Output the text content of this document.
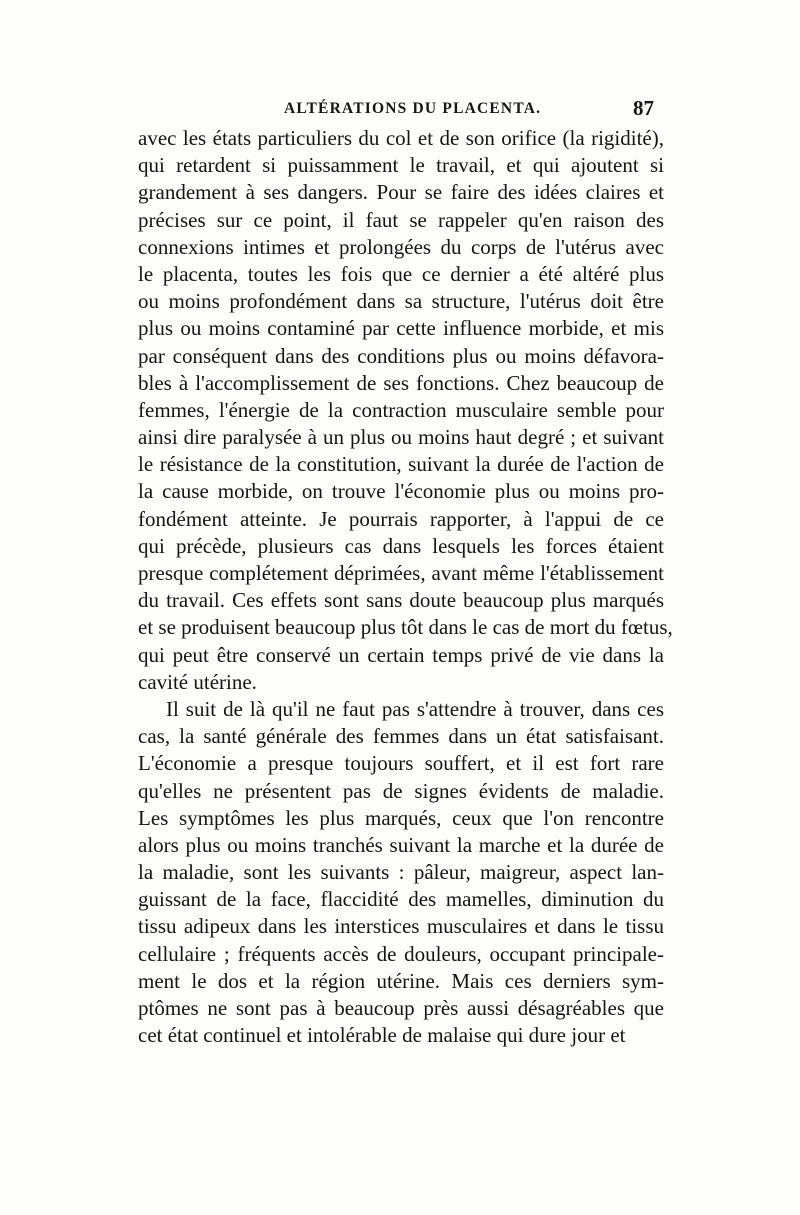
ALTÉRATIONS DU PLACENTA.	87
avec les états particuliers du col et de son orifice (la rigidité),
qui retardent si puissamment le travail, et qui ajoutent si
grandement à ses dangers. Pour se faire des idées claires et
précises sur ce point, il faut se rappeler qu'en raison des
connexions intimes et prolongées du corps de l'utérus avec
le placenta, toutes les fois que ce dernier a été altéré plus
ou moins profondément dans sa structure, l'utérus doit être
plus ou moins contaminé par cette influence morbide, et mis
par conséquent dans des conditions plus ou moins défavora-
bles à l'accomplissement de ses fonctions. Chez beaucoup de
femmes, l'énergie de la contraction musculaire semble pour
ainsi dire paralysée à un plus ou moins haut degré ; et suivant
le résistance de la constitution, suivant la durée de l'action de
la cause morbide, on trouve l'économie plus ou moins pro-
fondément atteinte. Je pourrais rapporter, à l'appui de ce
qui précède, plusieurs cas dans lesquels les forces étaient
presque complétement déprimées, avant même l'établissement
du travail. Ces effets sont sans doute beaucoup plus marqués
et se produisent beaucoup plus tôt dans le cas de mort du fœtus,
qui peut être conservé un certain temps privé de vie dans la
cavité utérine.
Il suit de là qu'il ne faut pas s'attendre à trouver, dans ces
cas, la santé générale des femmes dans un état satisfaisant.
L'économie a presque toujours souffert, et il est fort rare
qu'elles ne présentent pas de signes évidents de maladie.
Les symptômes les plus marqués, ceux que l'on rencontre
alors plus ou moins tranchés suivant la marche et la durée de
la maladie, sont les suivants : pâleur, maigreur, aspect lan-
guissant de la face, flaccidité des mamelles, diminution du
tissu adipeux dans les interstices musculaires et dans le tissu
cellulaire ; fréquents accès de douleurs, occupant principale-
ment le dos et la région utérine. Mais ces derniers sym-
ptômes ne sont pas à beaucoup près aussi désagréables que
cet état continuel et intolérable de malaise qui dure jour et
